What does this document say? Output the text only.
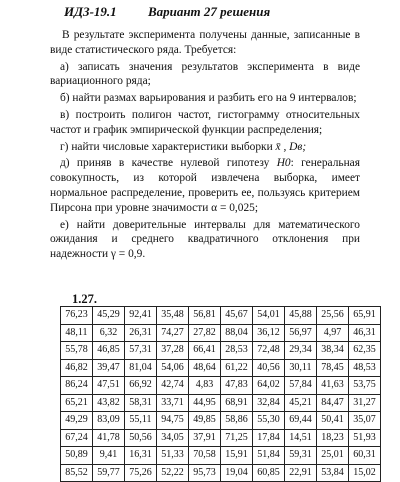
ИДЗ-19.1 Вариант 27 решения

В результате эксперимента получены данные, записанные в виде статистического ряда. Требуется:

а) записать значения результатов эксперимента в виде вариационного ряда;

б) найти размах варьирования и разбить его на 9 интервалов;

в) построить полигон частот, гистограмму относительных частот и график эмпирической функции распределения;

г) найти числовые характеристики выборки x̄ , Dв;

д) приняв в качестве нулевой гипотезу H0: генеральная совокупность, из которой извлечена выборка, имеет нормальное распределение, проверить ее, пользуясь критерием Пирсона при уровне значимости α = 0,025;

е) найти доверительные интервалы для математического ожидания и среднего квадратичного отклонения при надежности γ = 0,9.

1.27.
76,23	45,29	92,41	35,48	56,81	45,67	54,01	45,88	25,56	65,91
48,11	6,32	26,31	74,27	27,82	88,04	36,12	56,97	4,97	46,31
55,78	46,85	57,31	37,28	66,41	28,53	72,48	29,34	38,34	62,35
46,82	39,47	81,04	54,06	48,64	61,22	40,56	30,11	78,45	48,53
86,24	47,51	66,92	42,74	4,83	47,83	64,02	57,84	41,63	53,75
65,21	43,82	58,31	33,71	44,95	68,91	32,84	45,21	84,47	31,27
49,29	83,09	55,11	94,75	49,85	58,86	55,30	69,44	50,41	35,07
67,24	41,78	50,56	34,05	37,91	71,25	17,84	14,51	18,23	51,93
50,89	9,41	16,31	51,33	70,58	15,91	51,84	59,31	25,01	60,31
85,52	59,77	75,26	52,22	95,73	19,04	60,85	22,91	53,84	15,02
